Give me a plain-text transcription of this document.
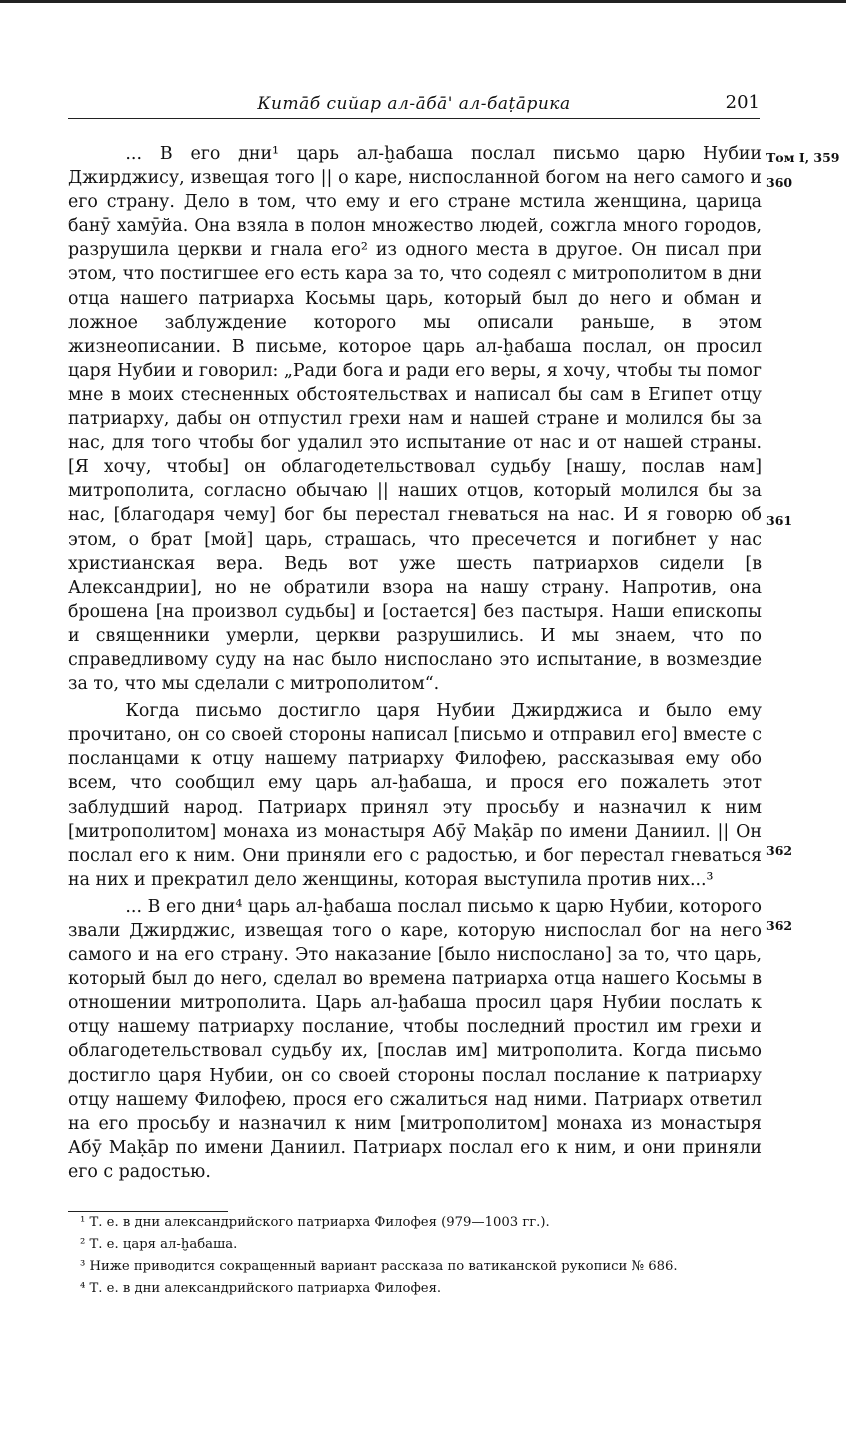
Китāб сийар ал-āбā' ал-баṭāрика	201

... В его дни¹ царь ал-ḫабаша послал письмо царю Нубии Джирджису, извещая того || о каре, ниспосланной богом на него самого и его страну. Дело в том, что ему и его стране мстила женщина, царица банӯ хамӯйа. Она взяла в полон множество людей, сожгла много городов, разрушила церкви и гнала его² из одного места в другое. Он писал при этом, что постигшее его есть кара за то, что содеял с митрополитом в дни отца нашего патриарха Косьмы царь, который был до него и обман и ложное заблуждение которого мы описали раньше, в этом жизнеописании. В письме, которое царь ал-ḫабаша послал, он просил царя Нубии и говорил: „Ради бога и ради его веры, я хочу, чтобы ты помог мне в моих стесненных обстоятельствах и написал бы сам в Египет отцу патриарху, дабы он отпустил грехи нам и нашей стране и молился бы за нас, для того чтобы бог удалил это испытание от нас и от нашей страны. [Я хочу, чтобы] он облагодетельствовал судьбу [нашу, послав нам] митрополита, согласно обычаю || наших отцов, который молился бы за нас, [благодаря чему] бог бы перестал гневаться на нас. И я говорю об этом, о брат [мой] царь, страшась, что пресечется и погибнет у нас христианская вера. Ведь вот уже шесть патриархов сидели [в Александрии], но не обратили взора на нашу страну. Напротив, она брошена [на произвол судьбы] и [остается] без пастыря. Наши епископы и священники умерли, церкви разрушились. И мы знаем, что по справедливому суду на нас было ниспослано это испытание, в возмездие за то, что мы сделали с митрополитом“.

Когда письмо достигло царя Нубии Джирджиса и было ему прочитано, он со своей стороны написал [письмо и отправил его] вместе с посланцами к отцу нашему патриарху Филофею, рассказывая ему обо всем, что сообщил ему царь ал-ḫабаша, и прося его пожалеть этот заблудший народ. Патриарх принял эту просьбу и назначил к ним [митрополитом] монаха из монастыря Абӯ Маḳāр по имени Даниил. || Он послал его к ним. Они приняли его с радостью, и бог перестал гневаться на них и прекратил дело женщины, которая выступила против них...³

... В его дни⁴ царь ал-ḫабаша послал письмо к царю Нубии, которого звали Джирджис, извещая того о каре, которую ниспослал бог на него самого и на его страну. Это наказание [было ниспослано] за то, что царь, который был до него, сделал во времена патриарха отца нашего Косьмы в отношении митрополита. Царь ал-ḫабаша просил царя Нубии послать к отцу нашему патриарху послание, чтобы последний простил им грехи и облагодетельствовал судьбу их, [послав им] митрополита. Когда письмо достигло царя Нубии, он со своей стороны послал послание к патриарху отцу нашему Филофею, прося его сжалиться над ними. Патриарх ответил на его просьбу и назначил к ним [митрополитом] монаха из монастыря Абӯ Маḳāр по имени Даниил. Патриарх послал его к ним, и они приняли его с радостью.

Том I, 359
360
361
362
362

¹ Т. е. в дни александрийского патриарха Филофея (979—1003 гг.).

² Т. е. царя ал-ḫабаша.

³ Ниже приводится сокращенный вариант рассказа по ватиканской рукописи № 686.

⁴ Т. е. в дни александрийского патриарха Филофея.
